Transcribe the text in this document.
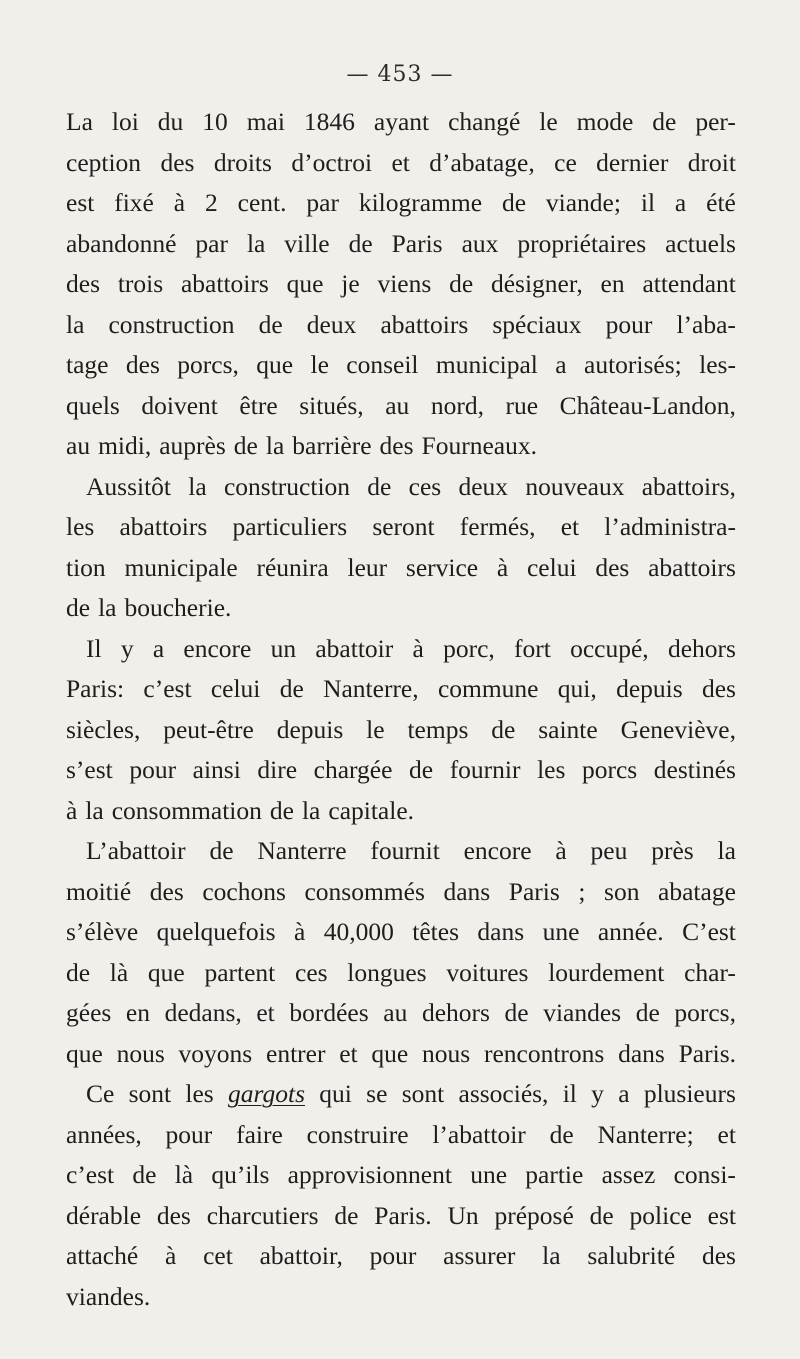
— 453 —
La loi du 10 mai 1846 ayant changé le mode de per-
ception des droits d’octroi et d’abatage, ce dernier droit
est fixé à 2 cent. par kilogramme de viande; il a été
abandonné par la ville de Paris aux propriétaires actuels
des trois abattoirs que je viens de désigner, en attendant
la construction de deux abattoirs spéciaux pour l’aba-
tage des porcs, que le conseil municipal a autorisés; les-
quels doivent être situés, au nord, rue Château-Landon,
au midi, auprès de la barrière des Fourneaux.
Aussitôt la construction de ces deux nouveaux abattoirs,
les abattoirs particuliers seront fermés, et l’administra-
tion municipale réunira leur service à celui des abattoirs
de la boucherie.
Il y a encore un abattoir à porc, fort occupé, dehors
Paris: c’est celui de Nanterre, commune qui, depuis des
siècles, peut-être depuis le temps de sainte Geneviève,
s’est pour ainsi dire chargée de fournir les porcs destinés
à la consommation de la capitale.
L’abattoir de Nanterre fournit encore à peu près la
moitié des cochons consommés dans Paris ; son abatage
s’élève quelquefois à 40,000 têtes dans une année. C’est
de là que partent ces longues voitures lourdement char-
gées en dedans, et bordées au dehors de viandes de porcs,
que nous voyons entrer et que nous rencontrons dans Paris.
Ce sont les gargots qui se sont associés, il y a plusieurs
années, pour faire construire l’abattoir de Nanterre; et
c’est de là qu’ils approvisionnent une partie assez consi-
dérable des charcutiers de Paris. Un préposé de police est
attaché à cet abattoir, pour assurer la salubrité des
viandes.
